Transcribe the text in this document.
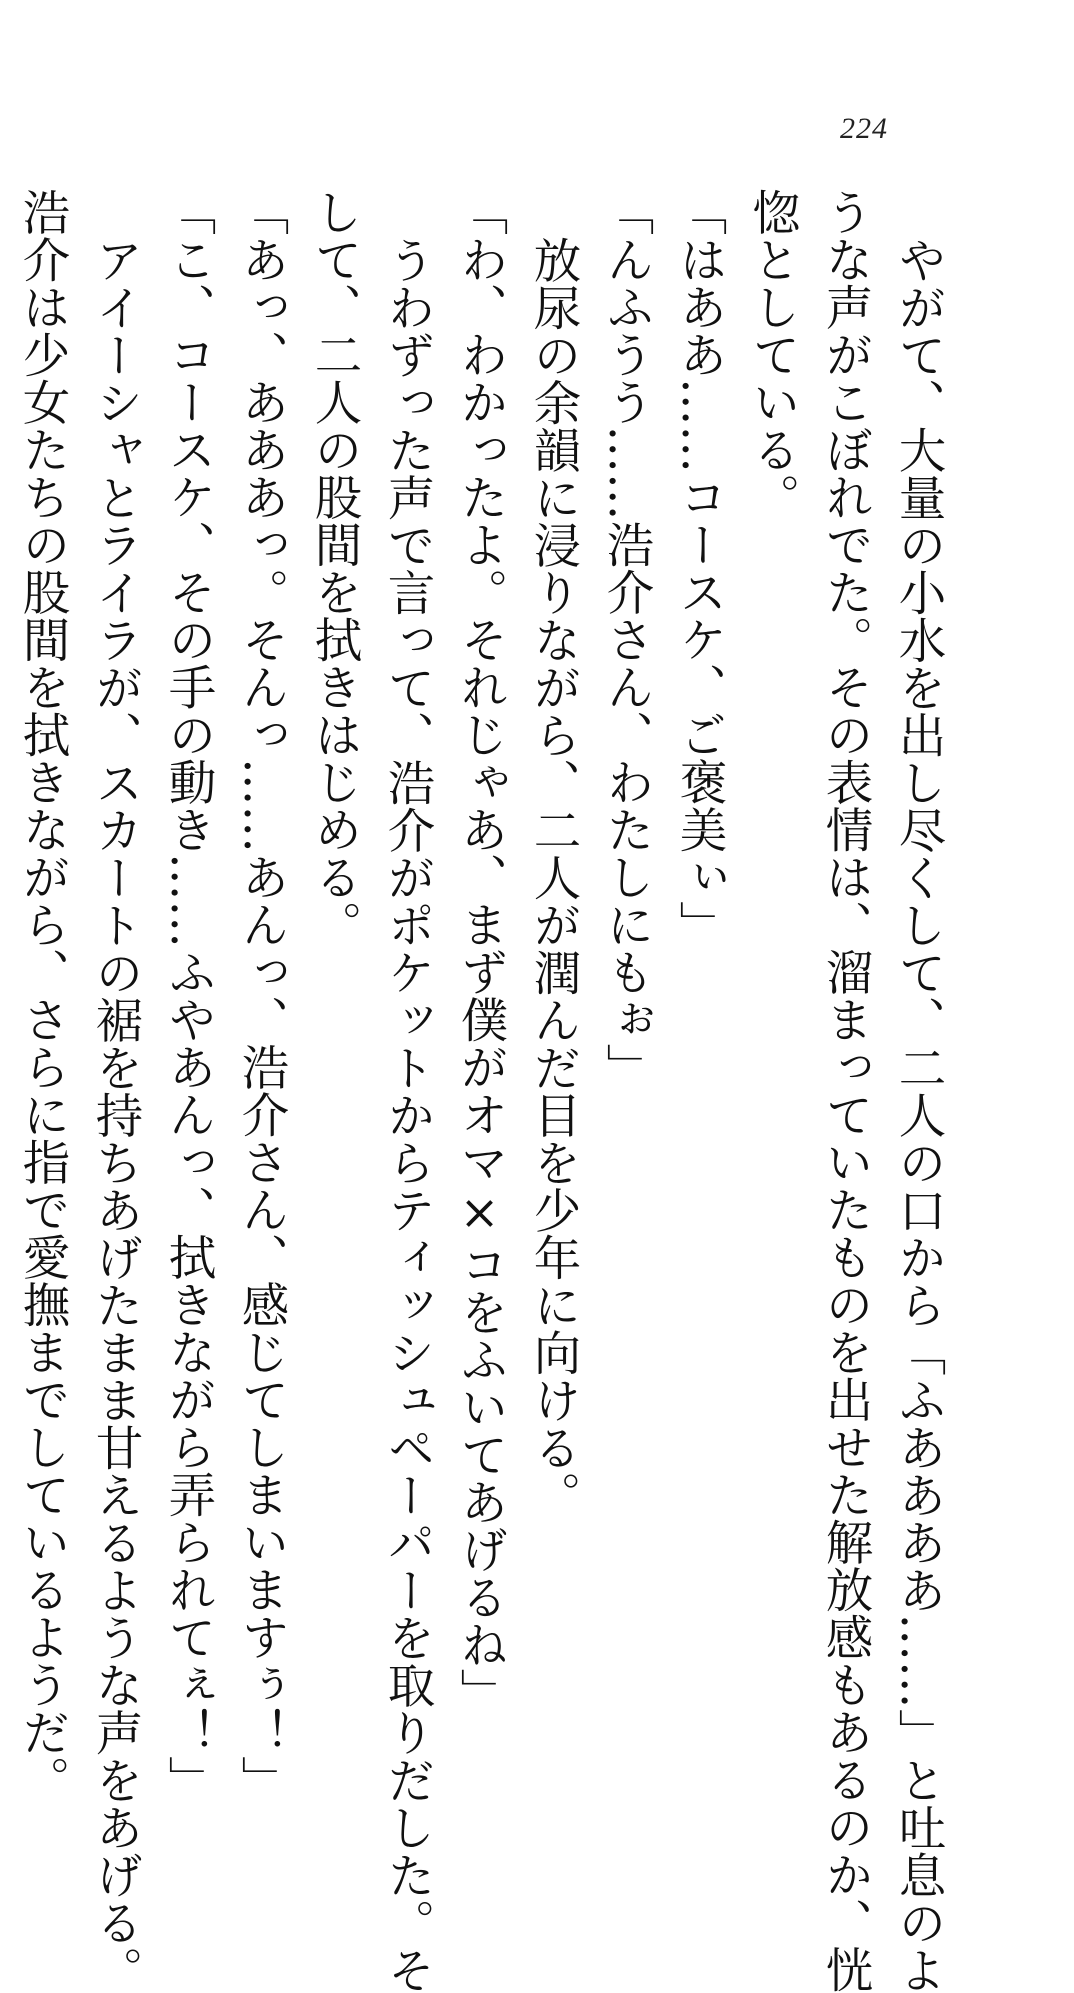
224
やがて、大量の小水を出し尽くして、二人の口から「ふああああ……」と吐息のよ
うな声がこぼれでた。その表情は、溜まっていたものを出せた解放感もあるのか、恍
惚としている。
「はああ……コースケ、ご褒美ぃ」
「んふうう……浩介さん、わたしにもぉ」
放尿の余韻に浸りながら、二人が潤んだ目を少年に向ける。
「わ、わかったよ。それじゃあ、まず僕がオマ×コをふいてあげるね」
うわずった声で言って、浩介がポケットからティッシュペーパーを取りだした。そ
して、二人の股間を拭きはじめる。
「あっ、あああっ。そんっ……あんっ、浩介さん、感じてしまいますぅ！」
「こ、コースケ、その手の動き……ふやあんっ、拭きながら弄られてぇ！」
アイーシャとライラが、スカートの裾を持ちあげたまま甘えるような声をあげる。
浩介は少女たちの股間を拭きながら、さらに指で愛撫までしているようだ。
